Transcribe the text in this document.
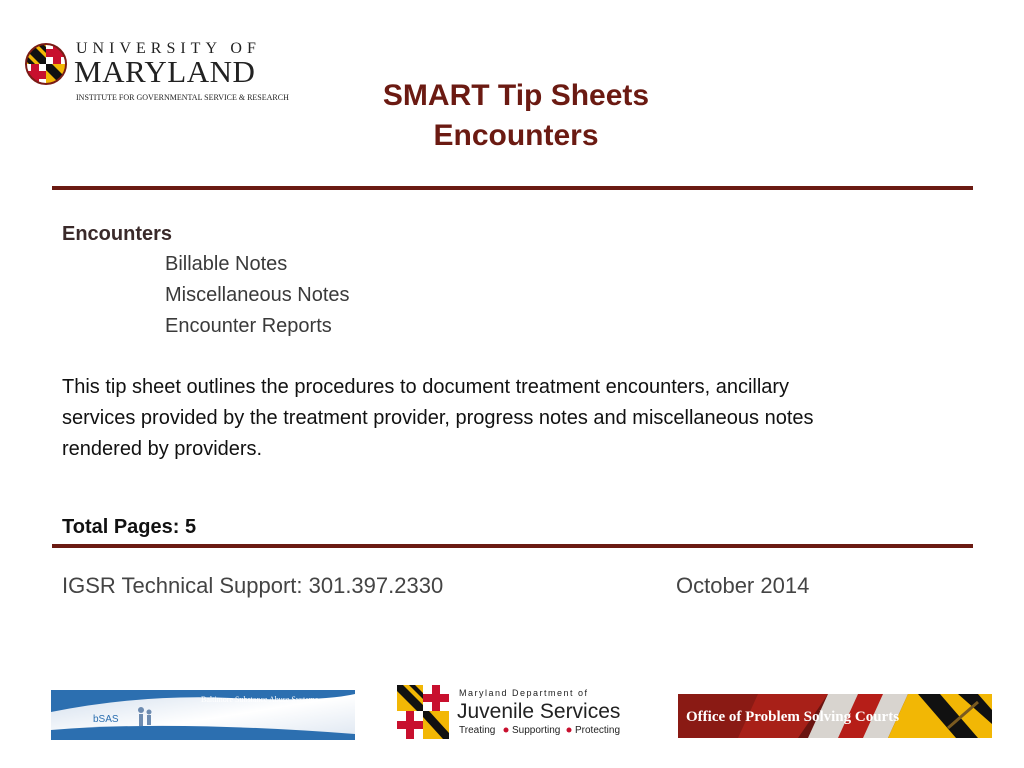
UNIVERSITY OF
MARYLAND
INSTITUTE FOR GOVERNMENTAL SERVICE & RESEARCH	SMART Tip Sheets
Encounters
Encounters
Billable Notes
Miscellaneous Notes
Encounter Reports
This tip sheet outlines the procedures to document treatment encounters, ancillary
services provided by the treatment provider, progress notes and miscellaneous notes
rendered by providers.
Total Pages: 5
IGSR Technical Support: 301.397.2330	October 2014
Baltimore Substance Abuse Systems
bSAS
Maryland Department of
Juvenile Services
Treating Supporting Protecting
Office of Problem Solving Courts
